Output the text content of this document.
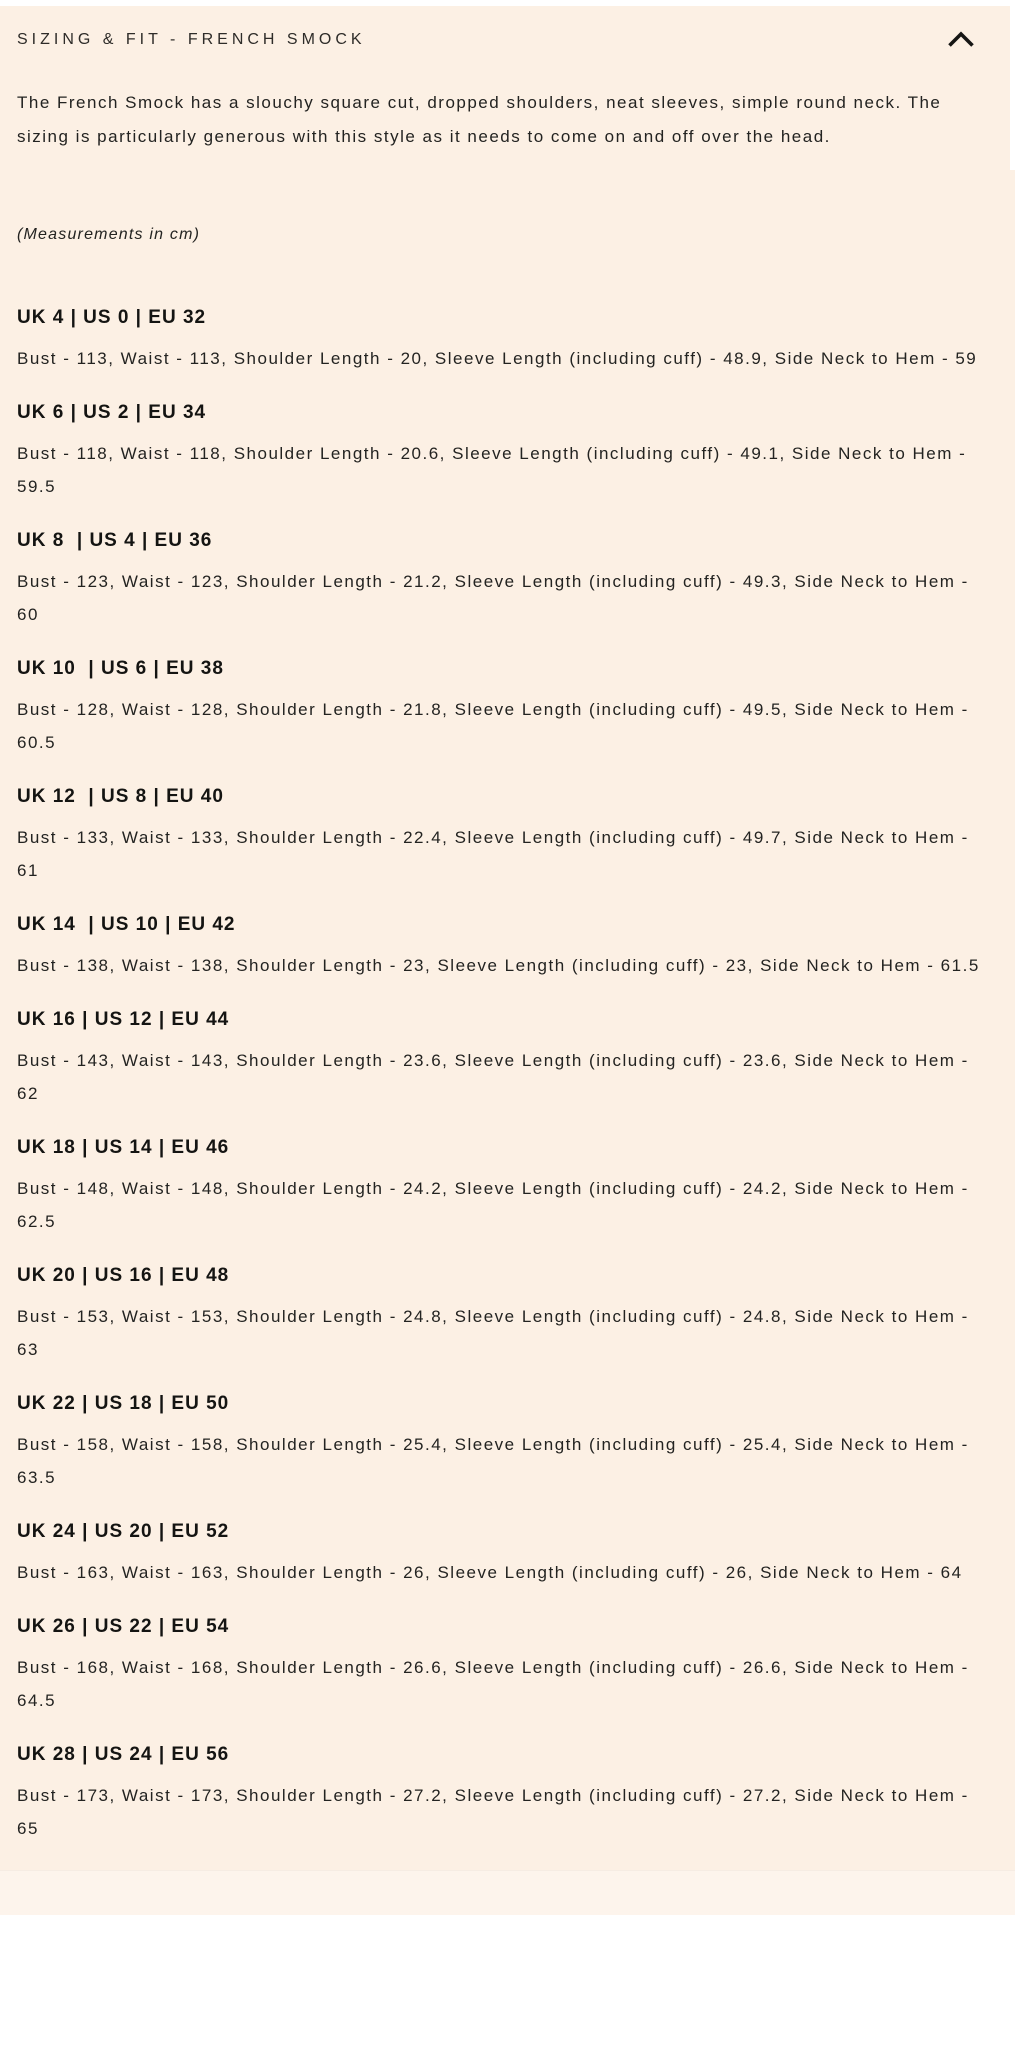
SIZING & FIT - FRENCH SMOCK

The French Smock has a slouchy square cut, dropped shoulders, neat sleeves, simple round neck. The sizing is particularly generous with this style as it needs to come on and off over the head.

(Measurements in cm)

UK 4 | US 0 | EU 32
Bust - 113, Waist - 113, Shoulder Length - 20, Sleeve Length (including cuff) - 48.9, Side Neck to Hem - 59
UK 6 | US 2 | EU 34
Bust - 118, Waist - 118, Shoulder Length - 20.6, Sleeve Length (including cuff) - 49.1, Side Neck to Hem - 59.5
UK 8  | US 4 | EU 36
Bust - 123, Waist - 123, Shoulder Length - 21.2, Sleeve Length (including cuff) - 49.3, Side Neck to Hem - 60
UK 10  | US 6 | EU 38
Bust - 128, Waist - 128, Shoulder Length - 21.8, Sleeve Length (including cuff) - 49.5, Side Neck to Hem - 60.5
UK 12  | US 8 | EU 40
Bust - 133, Waist - 133, Shoulder Length - 22.4, Sleeve Length (including cuff) - 49.7, Side Neck to Hem - 61
UK 14  | US 10 | EU 42
Bust - 138, Waist - 138, Shoulder Length - 23, Sleeve Length (including cuff) - 23, Side Neck to Hem - 61.5
UK 16 | US 12 | EU 44
Bust - 143, Waist - 143, Shoulder Length - 23.6, Sleeve Length (including cuff) - 23.6, Side Neck to Hem - 62
UK 18 | US 14 | EU 46
Bust - 148, Waist - 148, Shoulder Length - 24.2, Sleeve Length (including cuff) - 24.2, Side Neck to Hem - 62.5
UK 20 | US 16 | EU 48
Bust - 153, Waist - 153, Shoulder Length - 24.8, Sleeve Length (including cuff) - 24.8, Side Neck to Hem - 63
UK 22 | US 18 | EU 50
Bust - 158, Waist - 158, Shoulder Length - 25.4, Sleeve Length (including cuff) - 25.4, Side Neck to Hem - 63.5
UK 24 | US 20 | EU 52
Bust - 163, Waist - 163, Shoulder Length - 26, Sleeve Length (including cuff) - 26, Side Neck to Hem - 64
UK 26 | US 22 | EU 54
Bust - 168, Waist - 168, Shoulder Length - 26.6, Sleeve Length (including cuff) - 26.6, Side Neck to Hem - 64.5
UK 28 | US 24 | EU 56
Bust - 173, Waist - 173, Shoulder Length - 27.2, Sleeve Length (including cuff) - 27.2, Side Neck to Hem - 65
